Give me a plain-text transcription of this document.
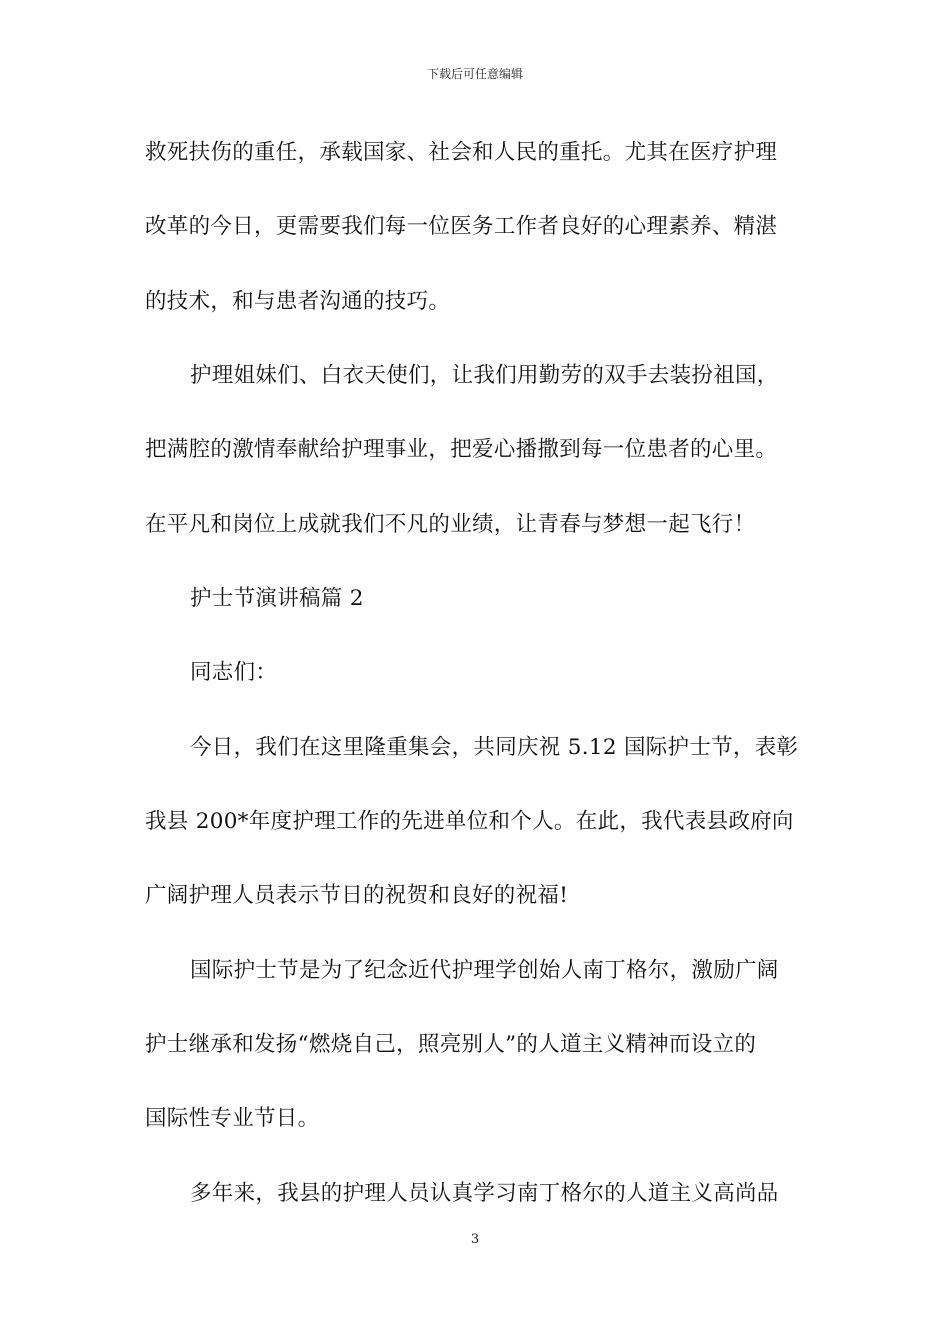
下载后可任意编辑
救死扶伤的重任，承载国家、社会和人民的重托。尤其在医疗护理
改革的今日，更需要我们每一位医务工作者良好的心理素养、精湛
的技术，和与患者沟通的技巧。
护理姐妹们、白衣天使们，让我们用勤劳的双手去装扮祖国，
把满腔的激情奉献给护理事业，把爱心播撒到每一位患者的心里。
在平凡和岗位上成就我们不凡的业绩，让青春与梦想一起飞行！
护士节演讲稿篇 2
同志们：
今日，我们在这里隆重集会，共同庆祝 5.12 国际护士节，表彰
我县 200*年度护理工作的先进单位和个人。在此，我代表县政府向
广阔护理人员表示节日的祝贺和良好的祝福!
国际护士节是为了纪念近代护理学创始人南丁格尔，激励广阔
护士继承和发扬“燃烧自己，照亮别人”的人道主义精神而设立的
国际性专业节日。
多年来，我县的护理人员认真学习南丁格尔的人道主义高尚品
3
